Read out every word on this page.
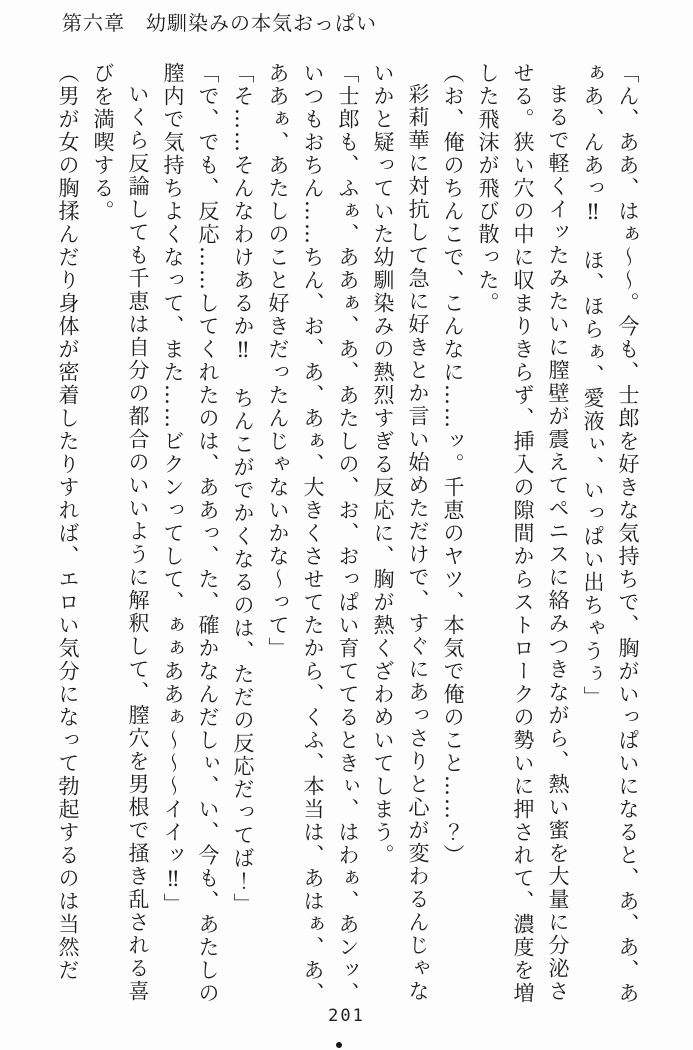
第六章　幼馴染みの本気おっぱい

「ん、ああ、はぁ～～。今も、士郎を好きな気持ちで、胸がいっぱいになると、あ、あ、あぁあ、んあっ‼　ほ、ほらぁ、愛液ぃ、いっぱい出ちゃうぅ」

まるで軽くイッたみたいに膣壁が震えてペニスに絡みつきながら、熱い蜜を大量に分泌させる。狭い穴の中に収まりきらず、挿入の隙間からストロークの勢いに押されて、濃度を増した飛沫が飛び散った。

（お、俺のちんこで、こんなに……ッ。千恵のヤツ、本気で俺のこと……？）

彩莉華に対抗して急に好きとか言い始めただけで、すぐにあっさりと心が変わるんじゃないかと疑っていた幼馴染みの熱烈すぎる反応に、胸が熱くざわめいてしまう。

「士郎も、ふぁ、ああぁ、あ、あたしの、お、おっぱい育ててるときぃ、はわぁ、あンッ、いつもおちん……ちん、お、あ、あぁ、大きくさせてたから、くふ、本当は、あはぁ、あ、ああぁ、あたしのこと好きだったんじゃないかな～って」

「そ……そんなわけあるか‼　ちんこがでかくなるのは、ただの反応だってば！」

「で、でも、反応……してくれたのは、ああっ、た、確かなんだしぃ、い、今も、あたしの膣内で気持ちよくなって、また……ビクンってして、ぁぁああぁ～～～イイッ‼」

いくら反論しても千恵は自分の都合のいいように解釈して、膣穴を男根で掻き乱される喜びを満喫する。

（男が女の胸揉んだり身体が密着したりすれば、エロい気分になって勃起するのは当然だ

201
